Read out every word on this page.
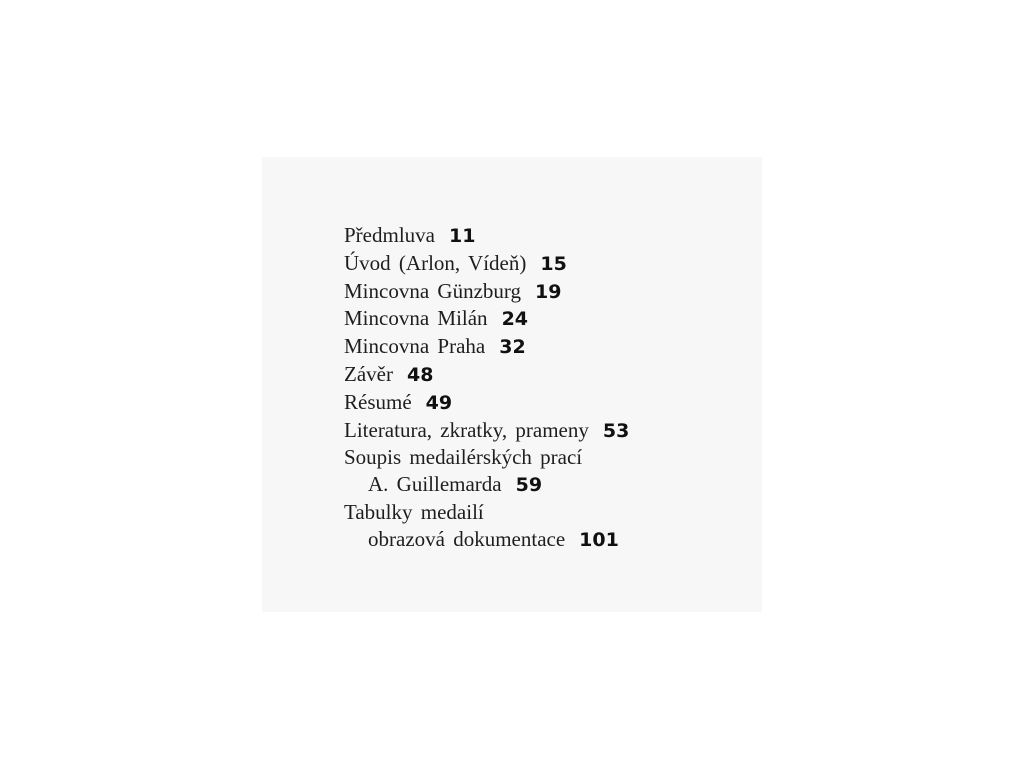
Předmluva 11
Úvod (Arlon, Vídeň) 15
Mincovna Günzburg 19
Mincovna Milán 24
Mincovna Praha 32
Závěr 48
Résumé 49
Literatura, zkratky, prameny 53
Soupis medailérských prací
A. Guillemarda 59
Tabulky medailí
obrazová dokumentace 101
